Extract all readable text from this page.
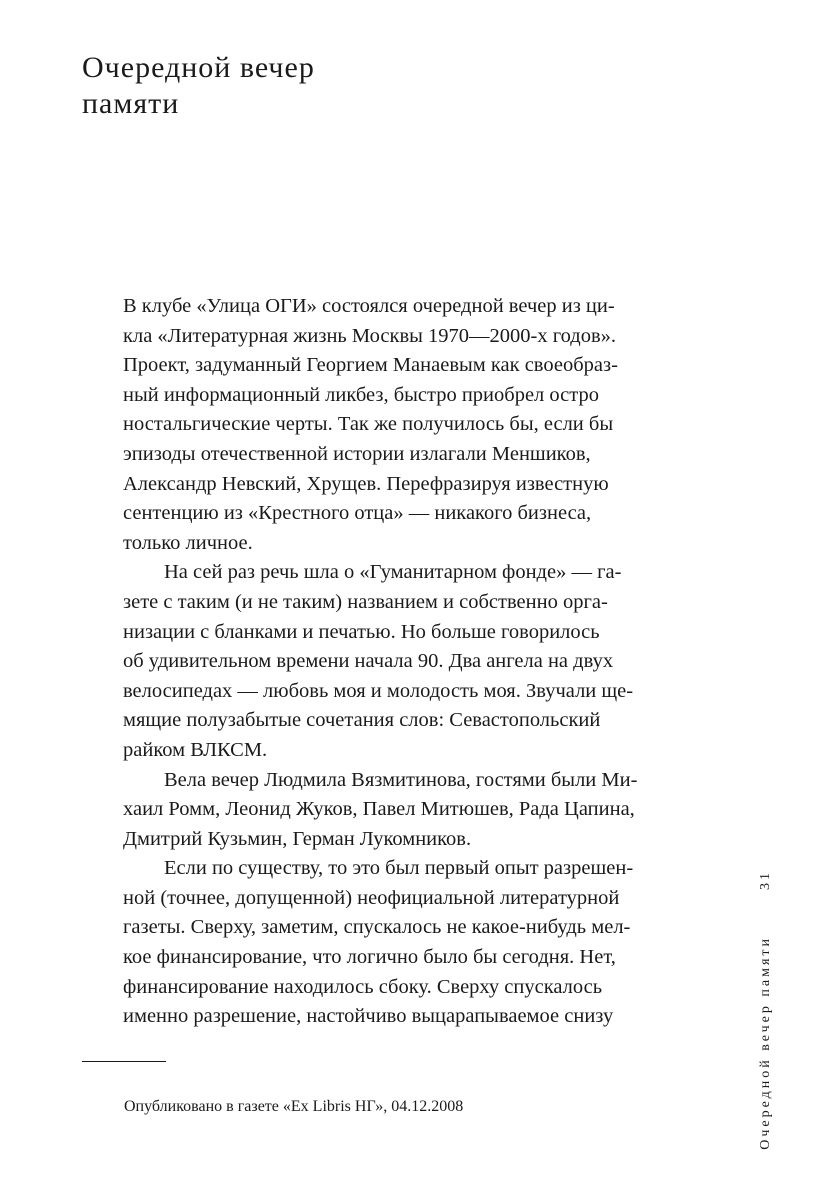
Очередной вечер
памяти
В клубе «Улица ОГИ» состоялся очередной вечер из ци-
кла «Литературная жизнь Москвы 1970—2000-х годов».
Проект, задуманный Георгием Манаевым как своеобраз-
ный информационный ликбез, быстро приобрел остро
ностальгические черты. Так же получилось бы, если бы
эпизоды отечественной истории излагали Меншиков,
Александр Невский, Хрущев. Перефразируя известную
сентенцию из «Крестного отца» — никакого бизнеса,
только личное.
На сей раз речь шла о «Гуманитарном фонде» — га-
зете с таким (и не таким) названием и собственно орга-
низации с бланками и печатью. Но больше говорилось
об удивительном времени начала 90. Два ангела на двух
велосипедах — любовь моя и молодость моя. Звучали ще-
мящие полузабытые сочетания слов: Севастопольский
райком ВЛКСМ.
Вела вечер Людмила Вязмитинова, гостями были Ми-
хаил Ромм, Леонид Жуков, Павел Митюшев, Рада Цапина,
Дмитрий Кузьмин, Герман Лукомников.
Если по существу, то это был первый опыт разрешен-
ной (точнее, допущенной) неофициальной литературной
газеты. Сверху, заметим, спускалось не какое-нибудь мел-
кое финансирование, что логично было бы сегодня. Нет,
финансирование находилось сбоку. Сверху спускалось
именно разрешение, настойчиво выцарапываемое снизу
Опубликовано в газете «Ex Libris НГ», 04.12.2008
31
Очередной вечер памяти
